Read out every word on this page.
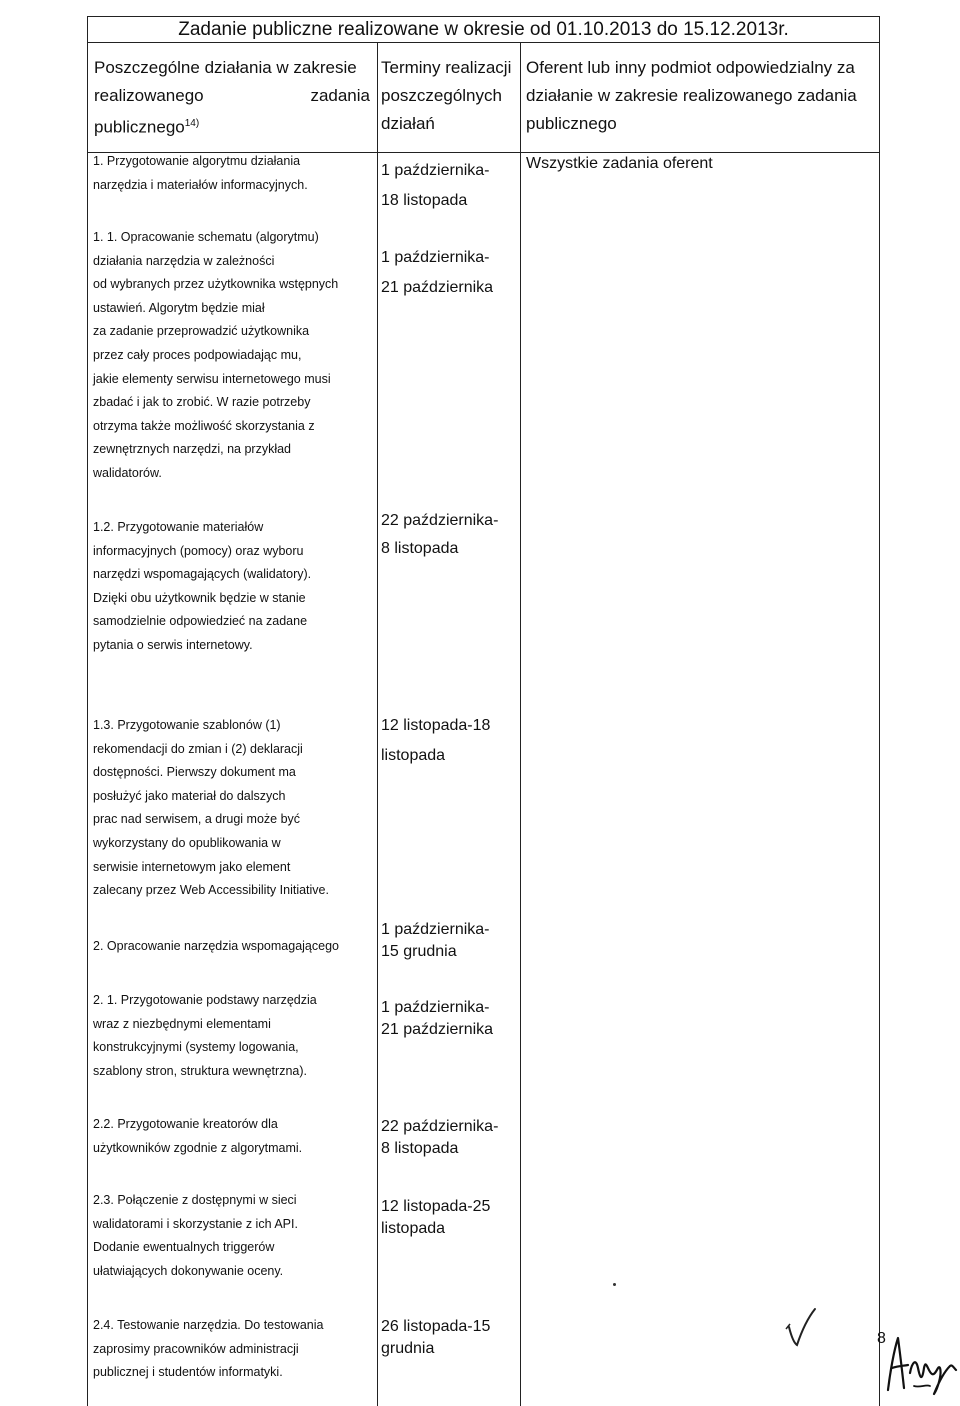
Zadanie publiczne realizowane w okresie od 01.10.2013 do 15.12.2013r.
Poszczególne działania w zakresie
realizowanego zadania
publicznego$^{14)}$
Terminy realizacji
poszczególnych
działań
Oferent lub inny podmiot odpowiedzialny za
działanie w zakresie realizowanego zadania
publicznego
1. Przygotowanie algorytmu działania
narzędzia i materiałów informacyjnych.
1 października-
18 listopada
Wszystkie zadania oferent
1. 1. Opracowanie schematu (algorytmu)
działania narzędzia w zależności
od wybranych przez użytkownika wstępnych
ustawień. Algorytm będzie miał
za zadanie przeprowadzić użytkownika
przez cały proces podpowiadając mu,
jakie elementy serwisu internetowego musi
zbadać i jak to zrobić. W razie potrzeby
otrzyma także możliwość skorzystania z
zewnętrznych narzędzi, na przykład
walidatorów.
1 października-
21 października
1.2. Przygotowanie materiałów
informacyjnych (pomocy) oraz wyboru
narzędzi wspomagających (walidatory).
Dzięki obu użytkownik będzie w stanie
samodzielnie odpowiedzieć na zadane
pytania o serwis internetowy.
22 października-
8 listopada
1.3. Przygotowanie szablonów (1)
rekomendacji do zmian i (2) deklaracji
dostępności. Pierwszy dokument ma
posłużyć jako materiał do dalszych
prac nad serwisem, a drugi może być
wykorzystany do opublikowania w
serwisie internetowym jako element
zalecany przez Web Accessibility Initiative.
12 listopada-18
listopada
2. Opracowanie narzędzia wspomagającego
1 października-
15 grudnia
2. 1. Przygotowanie podstawy narzędzia
wraz z niezbędnymi elementami
konstrukcyjnymi (systemy logowania,
szablony stron, struktura wewnętrzna).
1 października-
21 października
2.2. Przygotowanie kreatorów dla
użytkowników zgodnie z algorytmami.
22 października-
8 listopada
2.3. Połączenie z dostępnymi w sieci
walidatorami i skorzystanie z ich API.
Dodanie ewentualnych triggerów
ułatwiających dokonywanie oceny.
12 listopada-25
listopada
2.4. Testowanie narzędzia. Do testowania
zaprosimy pracowników administracji
publicznej i studentów informatyki.
26 listopada-15
grudnia
8
